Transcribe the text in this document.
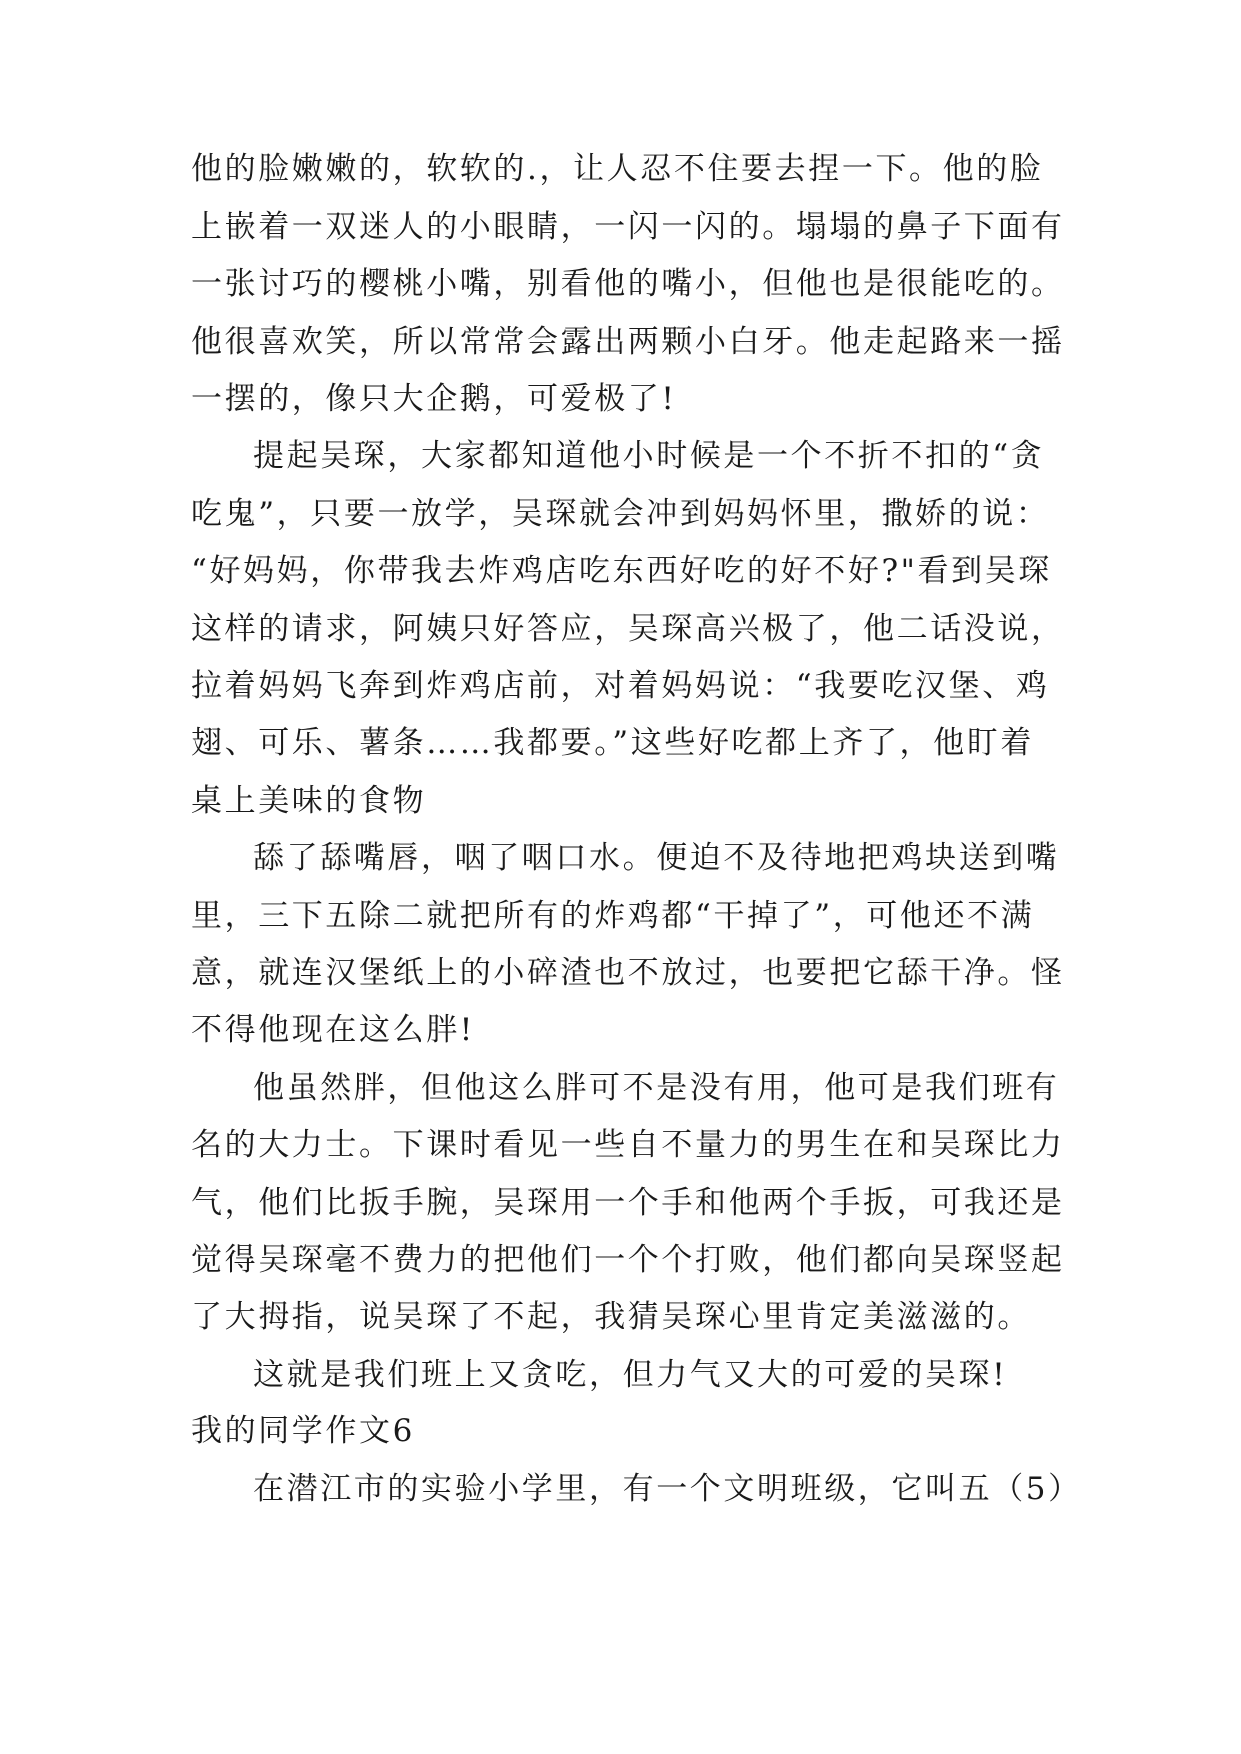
他的脸嫩嫩的，软软的.，让人忍不住要去捏一下。他的脸
上嵌着一双迷人的小眼睛，一闪一闪的。塌塌的鼻子下面有
一张讨巧的樱桃小嘴，别看他的嘴小，但他也是很能吃的。
他很喜欢笑，所以常常会露出两颗小白牙。他走起路来一摇
一摆的，像只大企鹅，可爱极了!
提起吴琛，大家都知道他小时候是一个不折不扣的“贪
吃鬼”，只要一放学，吴琛就会冲到妈妈怀里，撒娇的说：
“好妈妈，你带我去炸鸡店吃东西好吃的好不好?"看到吴琛
这样的请求，阿姨只好答应，吴琛高兴极了，他二话没说，
拉着妈妈飞奔到炸鸡店前，对着妈妈说：“我要吃汉堡、鸡
翅、可乐、薯条……我都要。”这些好吃都上齐了，他盯着
桌上美味的食物
舔了舔嘴唇，咽了咽口水。便迫不及待地把鸡块送到嘴
里，三下五除二就把所有的炸鸡都“干掉了”，可他还不满
意，就连汉堡纸上的小碎渣也不放过，也要把它舔干净。怪
不得他现在这么胖!
他虽然胖，但他这么胖可不是没有用，他可是我们班有
名的大力士。下课时看见一些自不量力的男生在和吴琛比力
气，他们比扳手腕，吴琛用一个手和他两个手扳，可我还是
觉得吴琛毫不费力的把他们一个个打败，他们都向吴琛竖起
了大拇指，说吴琛了不起，我猜吴琛心里肯定美滋滋的。
这就是我们班上又贪吃，但力气又大的可爱的吴琛!
我的同学作文6
在潜江市的实验小学里，有一个文明班级，它叫五（5）
